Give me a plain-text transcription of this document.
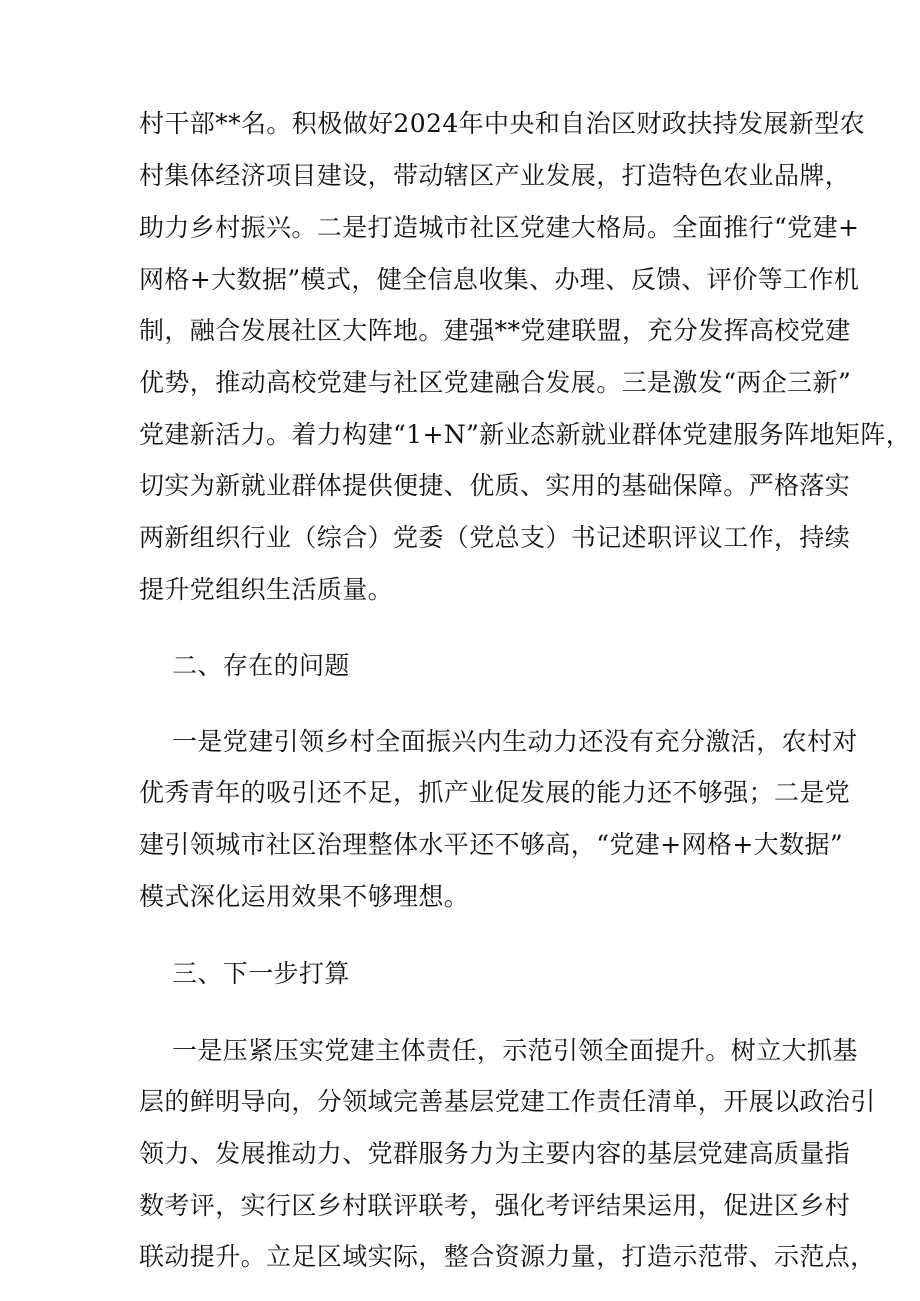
村干部**名。积极做好2024年中央和自治区财政扶持发展新型农
村集体经济项目建设，带动辖区产业发展，打造特色农业品牌，
助力乡村振兴。二是打造城市社区党建大格局。全面推行“党建+
网格+大数据”模式，健全信息收集、办理、反馈、评价等工作机
制，融合发展社区大阵地。建强**党建联盟，充分发挥高校党建
优势，推动高校党建与社区党建融合发展。三是激发“两企三新”
党建新活力。着力构建“1+N”新业态新就业群体党建服务阵地矩阵，
切实为新就业群体提供便捷、优质、实用的基础保障。严格落实
两新组织行业（综合）党委（党总支）书记述职评议工作，持续
提升党组织生活质量。
二、存在的问题
一是党建引领乡村全面振兴内生动力还没有充分激活，农村对
优秀青年的吸引还不足，抓产业促发展的能力还不够强；二是党
建引领城市社区治理整体水平还不够高，“党建+网格+大数据”
模式深化运用效果不够理想。
三、下一步打算
一是压紧压实党建主体责任，示范引领全面提升。树立大抓基
层的鲜明导向，分领域完善基层党建工作责任清单，开展以政治引
领力、发展推动力、党群服务力为主要内容的基层党建高质量指
数考评，实行区乡村联评联考，强化考评结果运用，促进区乡村
联动提升。立足区域实际，整合资源力量，打造示范带、示范点，
